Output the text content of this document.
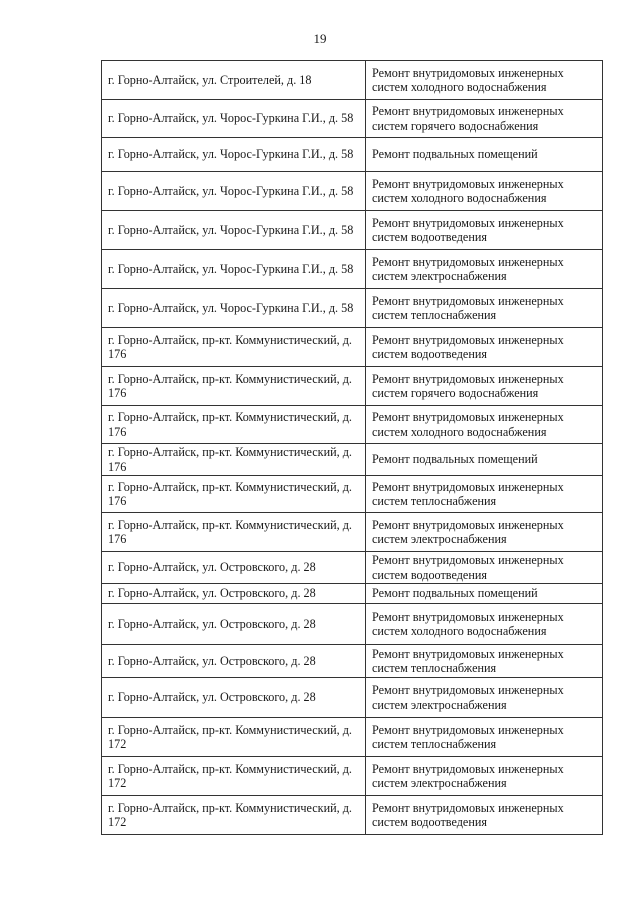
19
г. Горно-Алтайск, ул. Строителей, д. 18	Ремонт внутридомовых инженерных систем холодного водоснабжения
г. Горно-Алтайск, ул. Чорос-Гуркина Г.И., д. 58	Ремонт внутридомовых инженерных систем горячего водоснабжения
г. Горно-Алтайск, ул. Чорос-Гуркина Г.И., д. 58	Ремонт подвальных помещений
г. Горно-Алтайск, ул. Чорос-Гуркина Г.И., д. 58	Ремонт внутридомовых инженерных систем холодного водоснабжения
г. Горно-Алтайск, ул. Чорос-Гуркина Г.И., д. 58	Ремонт внутридомовых инженерных систем водоотведения
г. Горно-Алтайск, ул. Чорос-Гуркина Г.И., д. 58	Ремонт внутридомовых инженерных систем электроснабжения
г. Горно-Алтайск, ул. Чорос-Гуркина Г.И., д. 58	Ремонт внутридомовых инженерных систем теплоснабжения
г. Горно-Алтайск, пр-кт. Коммунистический, д. 176	Ремонт внутридомовых инженерных систем водоотведения
г. Горно-Алтайск, пр-кт. Коммунистический, д. 176	Ремонт внутридомовых инженерных систем горячего водоснабжения
г. Горно-Алтайск, пр-кт. Коммунистический, д. 176	Ремонт внутридомовых инженерных систем холодного водоснабжения
г. Горно-Алтайск, пр-кт. Коммунистический, д. 176	Ремонт подвальных помещений
г. Горно-Алтайск, пр-кт. Коммунистический, д. 176	Ремонт внутридомовых инженерных систем теплоснабжения
г. Горно-Алтайск, пр-кт. Коммунистический, д. 176	Ремонт внутридомовых инженерных систем электроснабжения
г. Горно-Алтайск, ул. Островского, д. 28	Ремонт внутридомовых инженерных систем водоотведения
г. Горно-Алтайск, ул. Островского, д. 28	Ремонт подвальных помещений
г. Горно-Алтайск, ул. Островского, д. 28	Ремонт внутридомовых инженерных систем холодного водоснабжения
г. Горно-Алтайск, ул. Островского, д. 28	Ремонт внутридомовых инженерных систем теплоснабжения
г. Горно-Алтайск, ул. Островского, д. 28	Ремонт внутридомовых инженерных систем электроснабжения
г. Горно-Алтайск, пр-кт. Коммунистический, д. 172	Ремонт внутридомовых инженерных систем теплоснабжения
г. Горно-Алтайск, пр-кт. Коммунистический, д. 172	Ремонт внутридомовых инженерных систем электроснабжения
г. Горно-Алтайск, пр-кт. Коммунистический, д. 172	Ремонт внутридомовых инженерных систем водоотведения
